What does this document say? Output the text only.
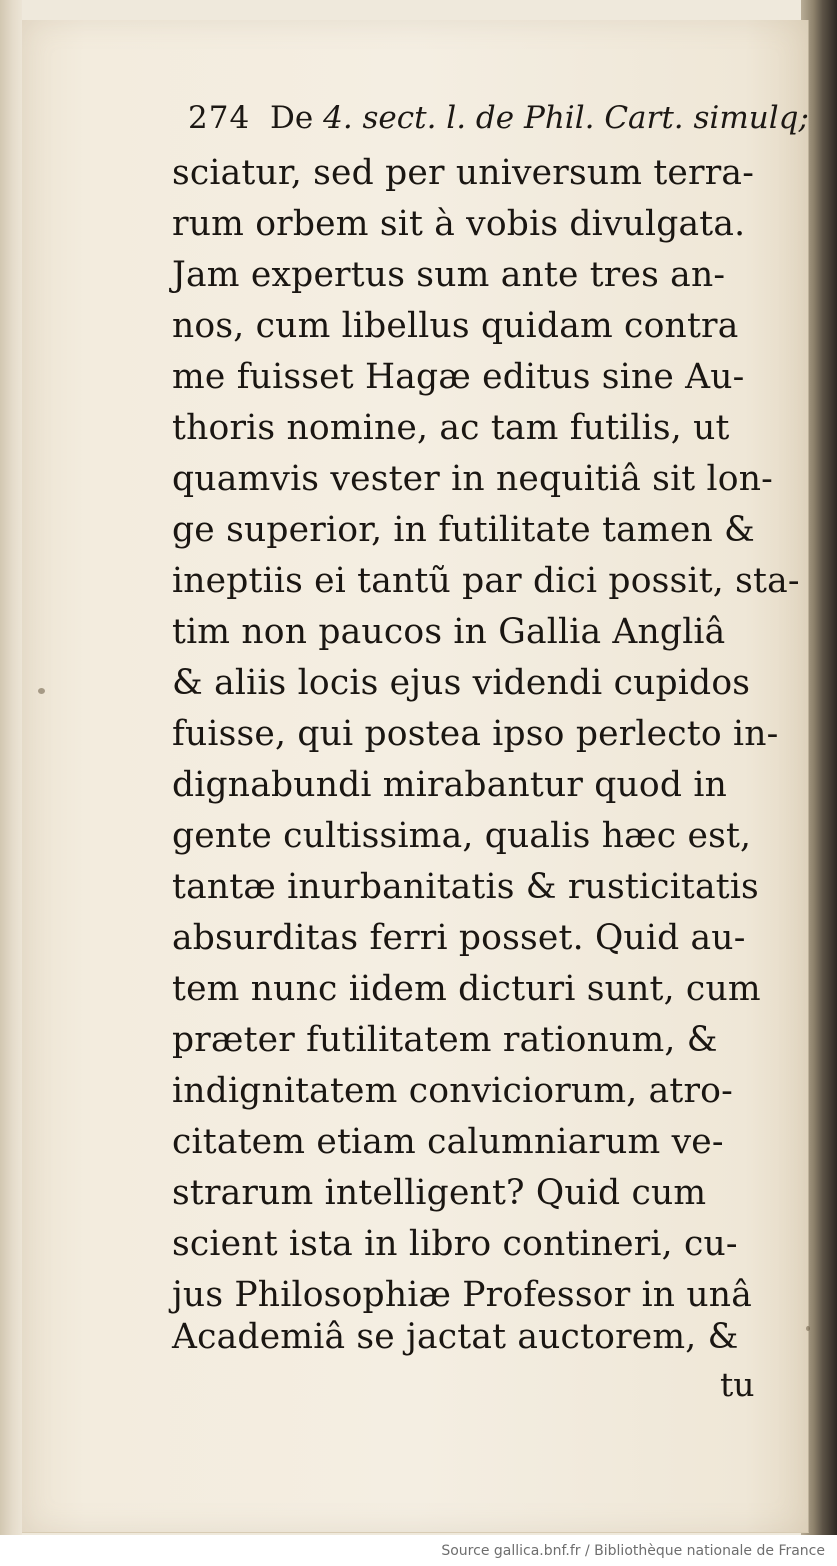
274 De 4. sect. l. de Phil. Cart. simulq;
sciatur, sed per universum terra-
rum orbem sit à vobis divulgata.
Jam expertus sum ante tres an-
nos, cum libellus quidam contra
me fuisset Hagæ editus sine Au-
thoris nomine, ac tam futilis, ut
quamvis vester in nequitiâ sit lon-
ge superior, in futilitate tamen &
ineptiis ei tantũ par dici possit, sta-
tim non paucos in Gallia Angliâ
& aliis locis ejus videndi cupidos
fuisse, qui postea ipso perlecto in-
dignabundi mirabantur quod in
gente cultissima, qualis hæc est,
tantæ inurbanitatis & rusticitatis
absurditas ferri posset. Quid au-
tem nunc iidem dicturi sunt, cum
præter futilitatem rationum, &
indignitatem conviciorum, atro-
citatem etiam calumniarum ve-
strarum intelligent? Quid cum
scient ista in libro contineri, cu-
jus Philosophiæ Professor in unâ
Academiâ se jactat auctorem, &
tu
Source gallica.bnf.fr / Bibliothèque nationale de France
